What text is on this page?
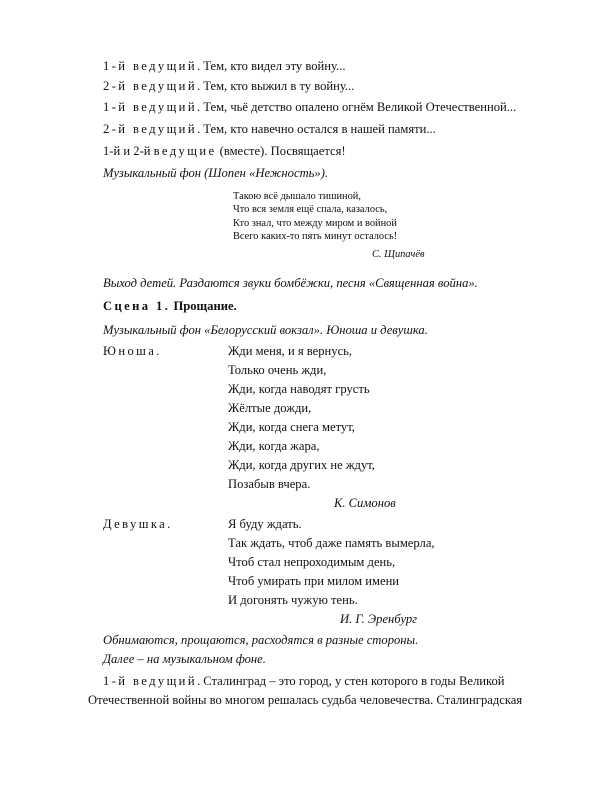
1-й ведущий. Тем, кто видел эту войну...
2-й ведущий. Тем, кто выжил в ту войну...
1-й ведущий. Тем, чьё детство опалено огнём Великой Отечественной...
2-й ведущий. Тем, кто навечно остался в нашей памяти...
1-й и 2-й ведущие (вместе). Посвящается!
Музыкальный фон (Шопен «Нежность»).
Такою всё дышало тишиной,
Что вся земля ещё спала, казалось,
Кто знал, что между миром и войной
Всего каких-то пять минут осталось!
С. Щипачёв
Выход детей. Раздаются звуки бомбёжки, песня «Священная война».
Сцена 1. Прощание.
Музыкальный фон «Белорусский вокзал». Юноша и девушка.
Юноша.	Жди меня, и я вернусь,
Только очень жди,
Жди, когда наводят грусть
Жёлтые дожди,
Жди, когда снега метут,
Жди, когда жара,
Жди, когда других не ждут,
Позабыв вчера.
К. Симонов
Девушка.	Я буду ждать.
Так ждать, чтоб даже память вымерла,
Чтоб стал непроходимым день,
Чтоб умирать при милом имени
И догонять чужую тень.
И. Г. Эренбург
Обнимаются, прощаются, расходятся в разные стороны.
Далее – на музыкальном фоне.
1-й ведущий. Сталинград – это город, у стен которого в годы Великой
Отечественной войны во многом решалась судьба человечества. Сталинградская
